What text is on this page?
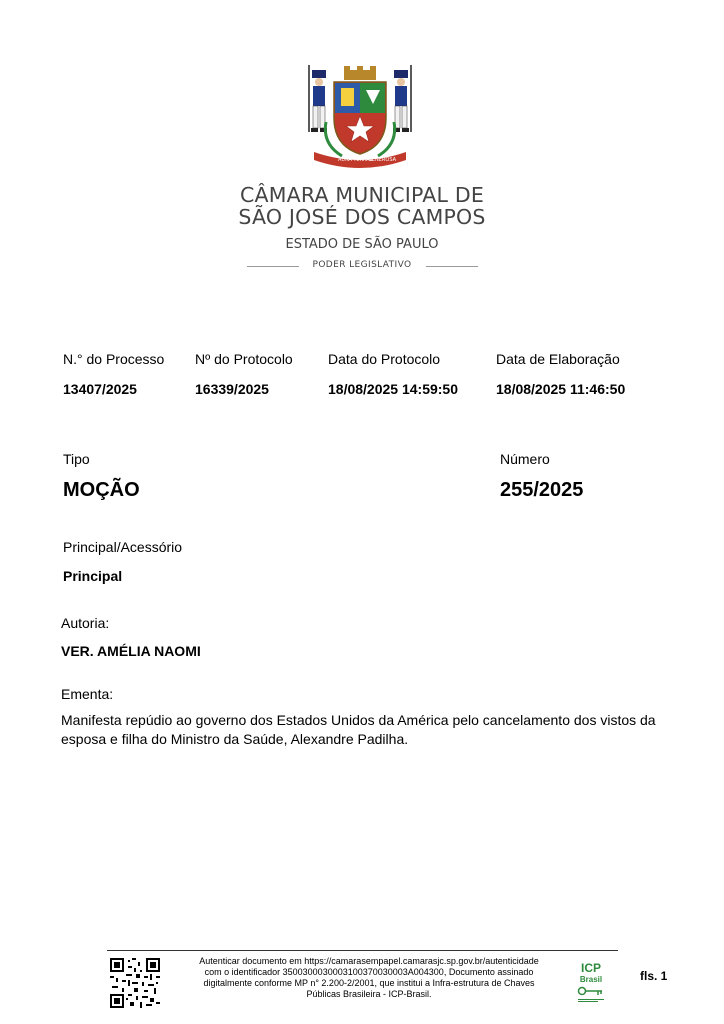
AURA TERRAE
GENEROSA
CÂMARA MUNICIPAL DE
SÃO JOSÉ DOS CAMPOS
ESTADO DE SÃO PAULO
PODER LEGISLATIVO
N.° do Processo
13407/2025
Nº do Protocolo
16339/2025
Data do Protocolo
18/08/2025 14:59:50
Data de Elaboração
18/08/2025 11:46:50
Tipo
MOÇÃO
Número
255/2025
Principal/Acessório
Principal
Autoria:
VER. AMÉLIA NAOMI
Ementa:
Manifesta repúdio ao governo dos Estados Unidos da América pelo cancelamento dos vistos da esposa e filha do Ministro da Saúde, Alexandre Padilha.
Autenticar documento em https://camarasempapel.camarasjc.sp.gov.br/autenticidade
com o identificador 3500300030003100370030003A004300, Documento assinado
digitalmente conforme MP n° 2.200-2/2001, que institui a Infra-estrutura de Chaves
Públicas Brasileira - ICP-Brasil.
ICP
Brasil	fls. 1
